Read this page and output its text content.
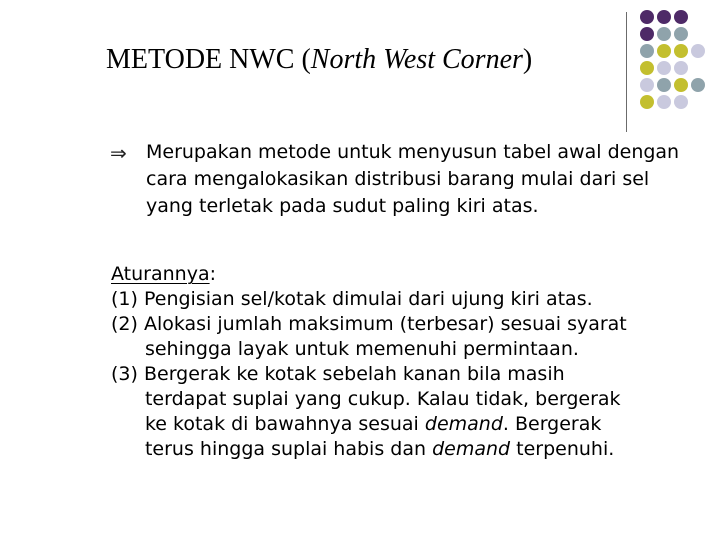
METODE NWC (North West Corner)
⇒	Merupakan metode untuk menyusun tabel awal dengan cara mengalokasikan distribusi barang mulai dari sel yang terletak pada sudut paling kiri atas.
Aturannya:
(1)
Pengisian sel/kotak dimulai dari ujung kiri atas.
(2)
Alokasi jumlah maksimum (terbesar) sesuai syarat
sehingga layak untuk memenuhi permintaan.
(3)
Bergerak ke kotak sebelah kanan bila masih
terdapat suplai yang cukup. Kalau tidak, bergerak
ke kotak di bawahnya sesuai demand. Bergerak
terus hingga suplai habis dan demand terpenuhi.
